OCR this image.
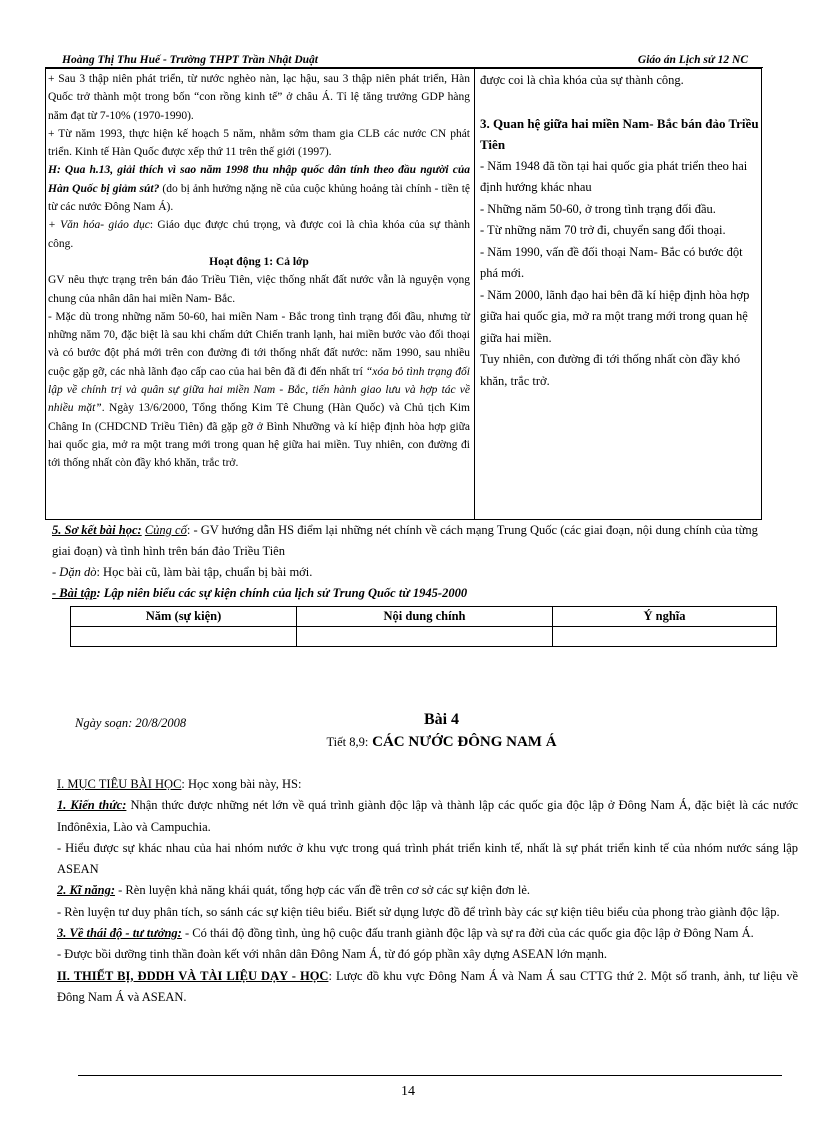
Hoàng Thị Thu Huế - Trường THPT Trần Nhật Duật	Giáo án Lịch sử 12 NC

+ Sau 3 thập niên phát triển, từ nước nghèo nàn, lạc hậu, sau 3 thập niên phát triển, Hàn Quốc trở thành một trong bốn “con rồng kinh tế” ở châu Á. Tỉ lệ tăng trưởng GDP hàng năm đạt từ 7-10% (1970-1990).

+ Từ năm 1993, thực hiện kế hoạch 5 năm, nhằm sớm tham gia CLB các nước CN phát triển. Kinh tế Hàn Quốc được xếp thứ 11 trên thế giới (1997).

H: Qua h.13, giải thích vì sao năm 1998 thu nhập quốc dân tính theo đầu người của Hàn Quốc bị giảm sút? (do bị ảnh hưởng nặng nề của cuộc khủng hoảng tài chính - tiền tệ từ các nước Đông Nam Á).

+ Văn hóa- giáo dục: Giáo dục được chú trọng, và được coi là chìa khóa của sự thành công.

Hoạt động 1: Cả lớp

GV nêu thực trạng trên bán đảo Triều Tiên, việc thống nhất đất nước vẫn là nguyện vọng chung của nhân dân hai miền Nam- Bắc.

- Mặc dù trong những năm 50-60, hai miền Nam - Bắc trong tình trạng đối đầu, nhưng từ những năm 70, đặc biệt là sau khi chấm dứt Chiến tranh lạnh, hai miền bước vào đối thoại và có bước đột phá mới trên con đường đi tới thống nhất đất nước: năm 1990, sau nhiều cuộc gặp gỡ, các nhà lãnh đạo cấp cao của hai bên đã đi đến nhất trí “xóa bỏ tình trạng đối lập về chính trị và quân sự giữa hai miền Nam - Bắc, tiến hành giao lưu và hợp tác về nhiều mặt”. Ngày 13/6/2000, Tổng thống Kim Tê Chung (Hàn Quốc) và Chủ tịch Kim Châng In (CHDCND Triều Tiên) đã gặp gỡ ở Bình Nhưỡng và kí hiệp định hòa hợp giữa hai quốc gia, mở ra một trang mới trong quan hệ giữa hai miền. Tuy nhiên, con đường đi tới thống nhất còn đầy khó khăn, trắc trở.

được coi là chìa khóa của sự thành công.

3. Quan hệ giữa hai miền Nam- Bắc bán đảo Triều Tiên

- Năm 1948 đã tồn tại hai quốc gia phát triển theo hai định hướng khác nhau

- Những năm 50-60, ở trong tình trạng đối đầu.

- Từ những năm 70 trở đi, chuyển sang đối thoại.

- Năm 1990, vấn đề đối thoại Nam- Bắc có bước đột phá mới.

- Năm 2000, lãnh đạo hai bên đã kí hiệp định hòa hợp giữa hai quốc gia, mở ra một trang mới trong quan hệ giữa hai miền.

Tuy nhiên, con đường đi tới thống nhất còn đầy khó khăn, trắc trở.

5. Sơ kết bài học: Củng cố: - GV hướng dẫn HS điểm lại những nét chính về cách mạng Trung Quốc (các giai đoạn, nội dung chính của từng giai đoạn) và tình hình trên bán đảo Triều Tiên

- Dặn dò: Học bài cũ, làm bài tập, chuẩn bị bài mới.

- Bài tập: Lập niên biểu các sự kiện chính của lịch sử Trung Quốc từ 1945-2000

Năm (sự kiện)	Nội dung chính	Ý nghĩa

Ngày soạn: 20/8/2008	Bài 4
Tiết 8,9: CÁC NƯỚC ĐÔNG NAM Á

I. MỤC TIÊU BÀI HỌC: Học xong bài này, HS:

1. Kiến thức: Nhận thức được những nét lớn về quá trình giành độc lập và thành lập các quốc gia độc lập ở Đông Nam Á, đặc biệt là các nước Inđônêxia, Lào và Campuchia.

- Hiểu được sự khác nhau của hai nhóm nước ở khu vực trong quá trình phát triển kinh tế, nhất là sự phát triển kinh tế của nhóm nước sáng lập ASEAN

2. Kĩ năng: - Rèn luyện khả năng khái quát, tổng hợp các vấn đề trên cơ sở các sự kiện đơn lẻ.

- Rèn luyện tư duy phân tích, so sánh các sự kiện tiêu biểu. Biết sử dụng lược đồ để trình bày các sự kiện tiêu biểu của phong trào giành độc lập.

3. Về thái độ - tư tưởng: - Có thái độ đồng tình, ủng hộ cuộc đấu tranh giành độc lập và sự ra đời của các quốc gia độc lập ở Đông Nam Á.

- Được bồi dưỡng tinh thần đoàn kết với nhân dân Đông Nam Á, từ đó góp phần xây dựng ASEAN lớn mạnh.

II. THIẾT BỊ, ĐDDH VÀ TÀI LIỆU DẠY - HỌC: Lược đồ khu vực Đông Nam Á và Nam Á sau CTTG thứ 2. Một số tranh, ảnh, tư liệu về Đông Nam Á và ASEAN.

14
